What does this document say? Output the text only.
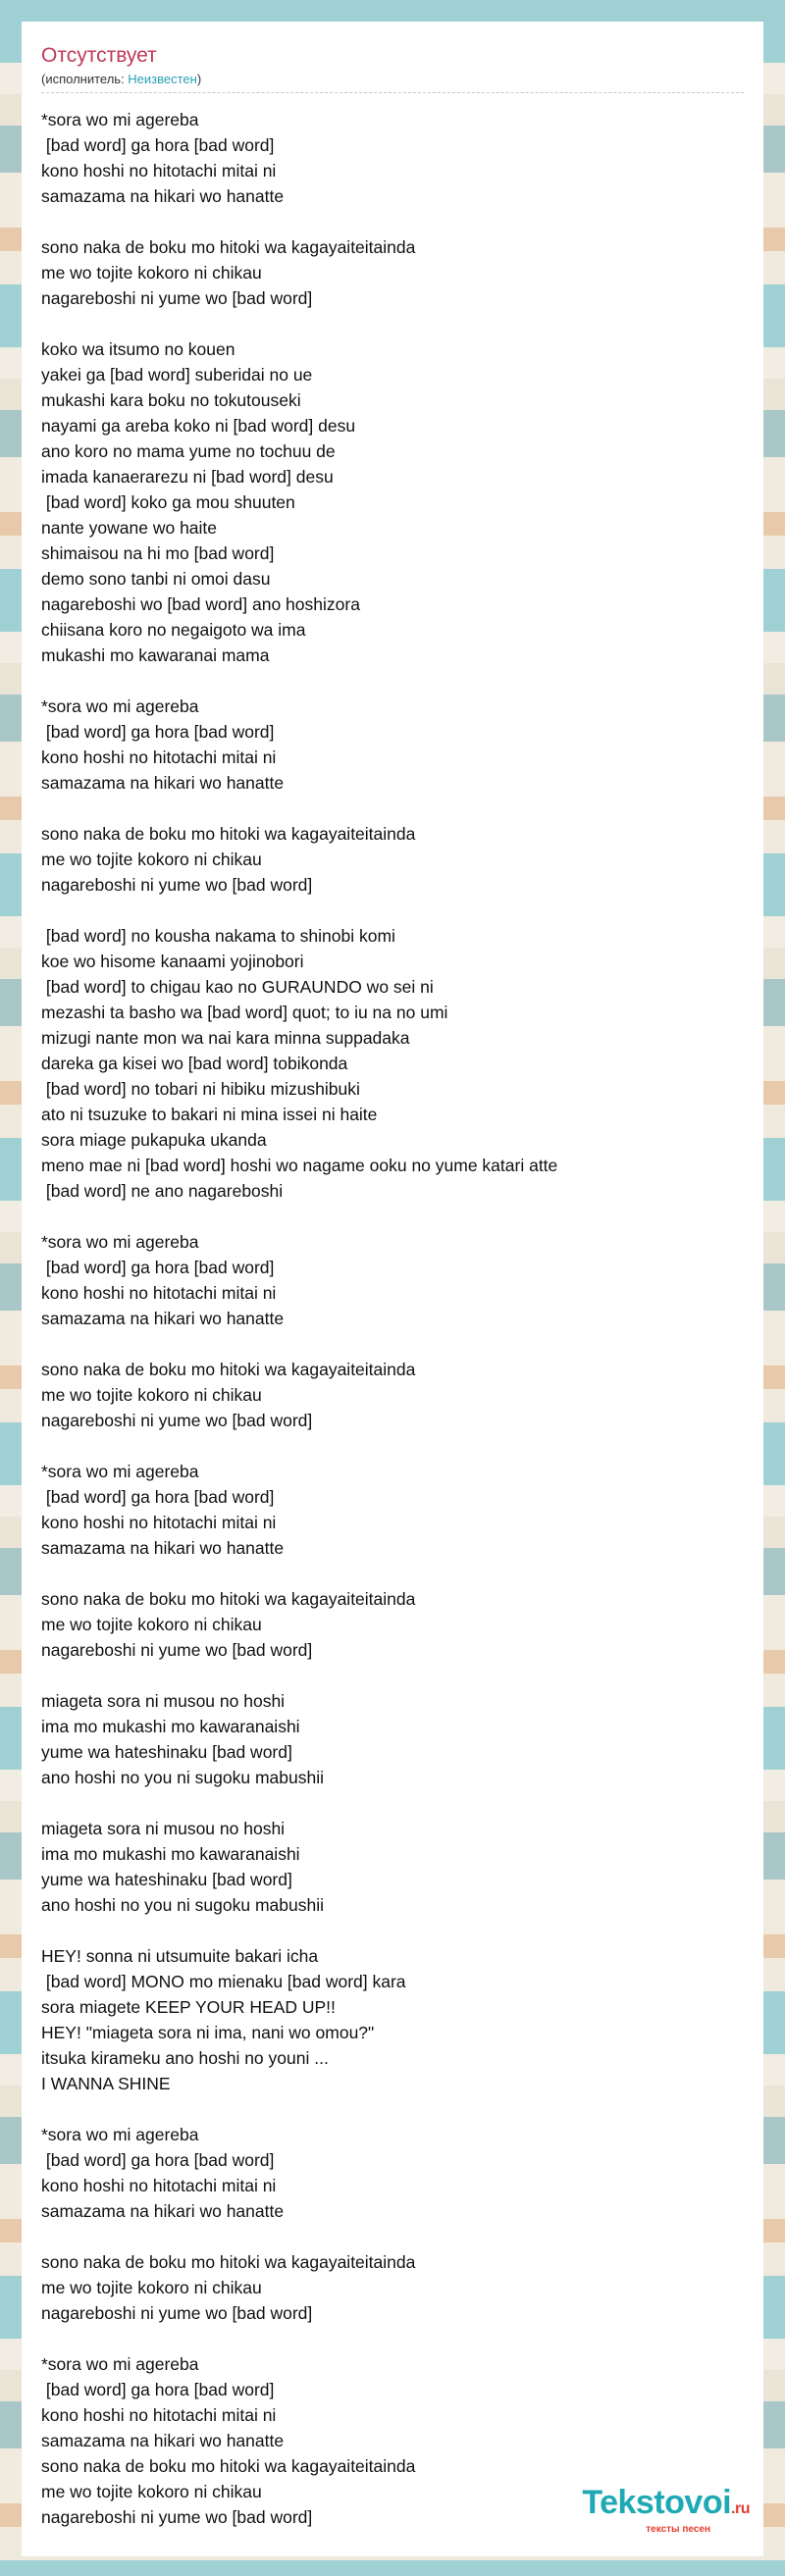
Отсутствует
(исполнитель: Неизвестен)
*sora wo mi agereba
[bad word] ga hora [bad word]
kono hoshi no hitotachi mitai ni
samazama na hikari wo hanatte
sono naka de boku mo hitoki wa kagayaiteitainda
me wo tojite kokoro ni chikau
nagareboshi ni yume wo [bad word]
koko wa itsumo no kouen
yakei ga [bad word] suberidai no ue
mukashi kara boku no tokutouseki
nayami ga areba koko ni [bad word] desu
ano koro no mama yume no tochuu de
imada kanaerarezu ni [bad word] desu
[bad word] koko ga mou shuuten
nante yowane wo haite
shimaisou na hi mo [bad word]
demo sono tanbi ni omoi dasu
nagareboshi wo [bad word] ano hoshizora
chiisana koro no negaigoto wa ima
mukashi mo kawaranai mama
*sora wo mi agereba
[bad word] ga hora [bad word]
kono hoshi no hitotachi mitai ni
samazama na hikari wo hanatte
sono naka de boku mo hitoki wa kagayaiteitainda
me wo tojite kokoro ni chikau
nagareboshi ni yume wo [bad word]
[bad word] no kousha nakama to shinobi komi
koe wo hisome kanaami yojinobori
[bad word] to chigau kao no GURAUNDO wo sei ni
mezashi ta basho wa [bad word] quot; to iu na no umi
mizugi nante mon wa nai kara minna suppadaka
dareka ga kisei wo [bad word] tobikonda
[bad word] no tobari ni hibiku mizushibuki
ato ni tsuzuke to bakari ni mina issei ni haite
sora miage pukapuka ukanda
meno mae ni [bad word] hoshi wo nagame ooku no yume katari atte
[bad word] ne ano nagareboshi
*sora wo mi agereba
[bad word] ga hora [bad word]
kono hoshi no hitotachi mitai ni
samazama na hikari wo hanatte
sono naka de boku mo hitoki wa kagayaiteitainda
me wo tojite kokoro ni chikau
nagareboshi ni yume wo [bad word]
*sora wo mi agereba
[bad word] ga hora [bad word]
kono hoshi no hitotachi mitai ni
samazama na hikari wo hanatte
sono naka de boku mo hitoki wa kagayaiteitainda
me wo tojite kokoro ni chikau
nagareboshi ni yume wo [bad word]
miageta sora ni musou no hoshi
ima mo mukashi mo kawaranaishi
yume wa hateshinaku [bad word]
ano hoshi no you ni sugoku mabushii
miageta sora ni musou no hoshi
ima mo mukashi mo kawaranaishi
yume wa hateshinaku [bad word]
ano hoshi no you ni sugoku mabushii
HEY! sonna ni utsumuite bakari icha
[bad word] MONO mo mienaku [bad word] kara
sora miagete KEEP YOUR HEAD UP!!
HEY! "miageta sora ni ima, nani wo omou?"
itsuka kirameku ano hoshi no youni ...
I WANNA SHINE
*sora wo mi agereba
[bad word] ga hora [bad word]
kono hoshi no hitotachi mitai ni
samazama na hikari wo hanatte
sono naka de boku mo hitoki wa kagayaiteitainda
me wo tojite kokoro ni chikau
nagareboshi ni yume wo [bad word]
*sora wo mi agereba
[bad word] ga hora [bad word]
kono hoshi no hitotachi mitai ni
samazama na hikari wo hanatte
sono naka de boku mo hitoki wa kagayaiteitainda
me wo tojite kokoro ni chikau
nagareboshi ni yume wo [bad word]	Tekstovoi.ru
тексты песен
